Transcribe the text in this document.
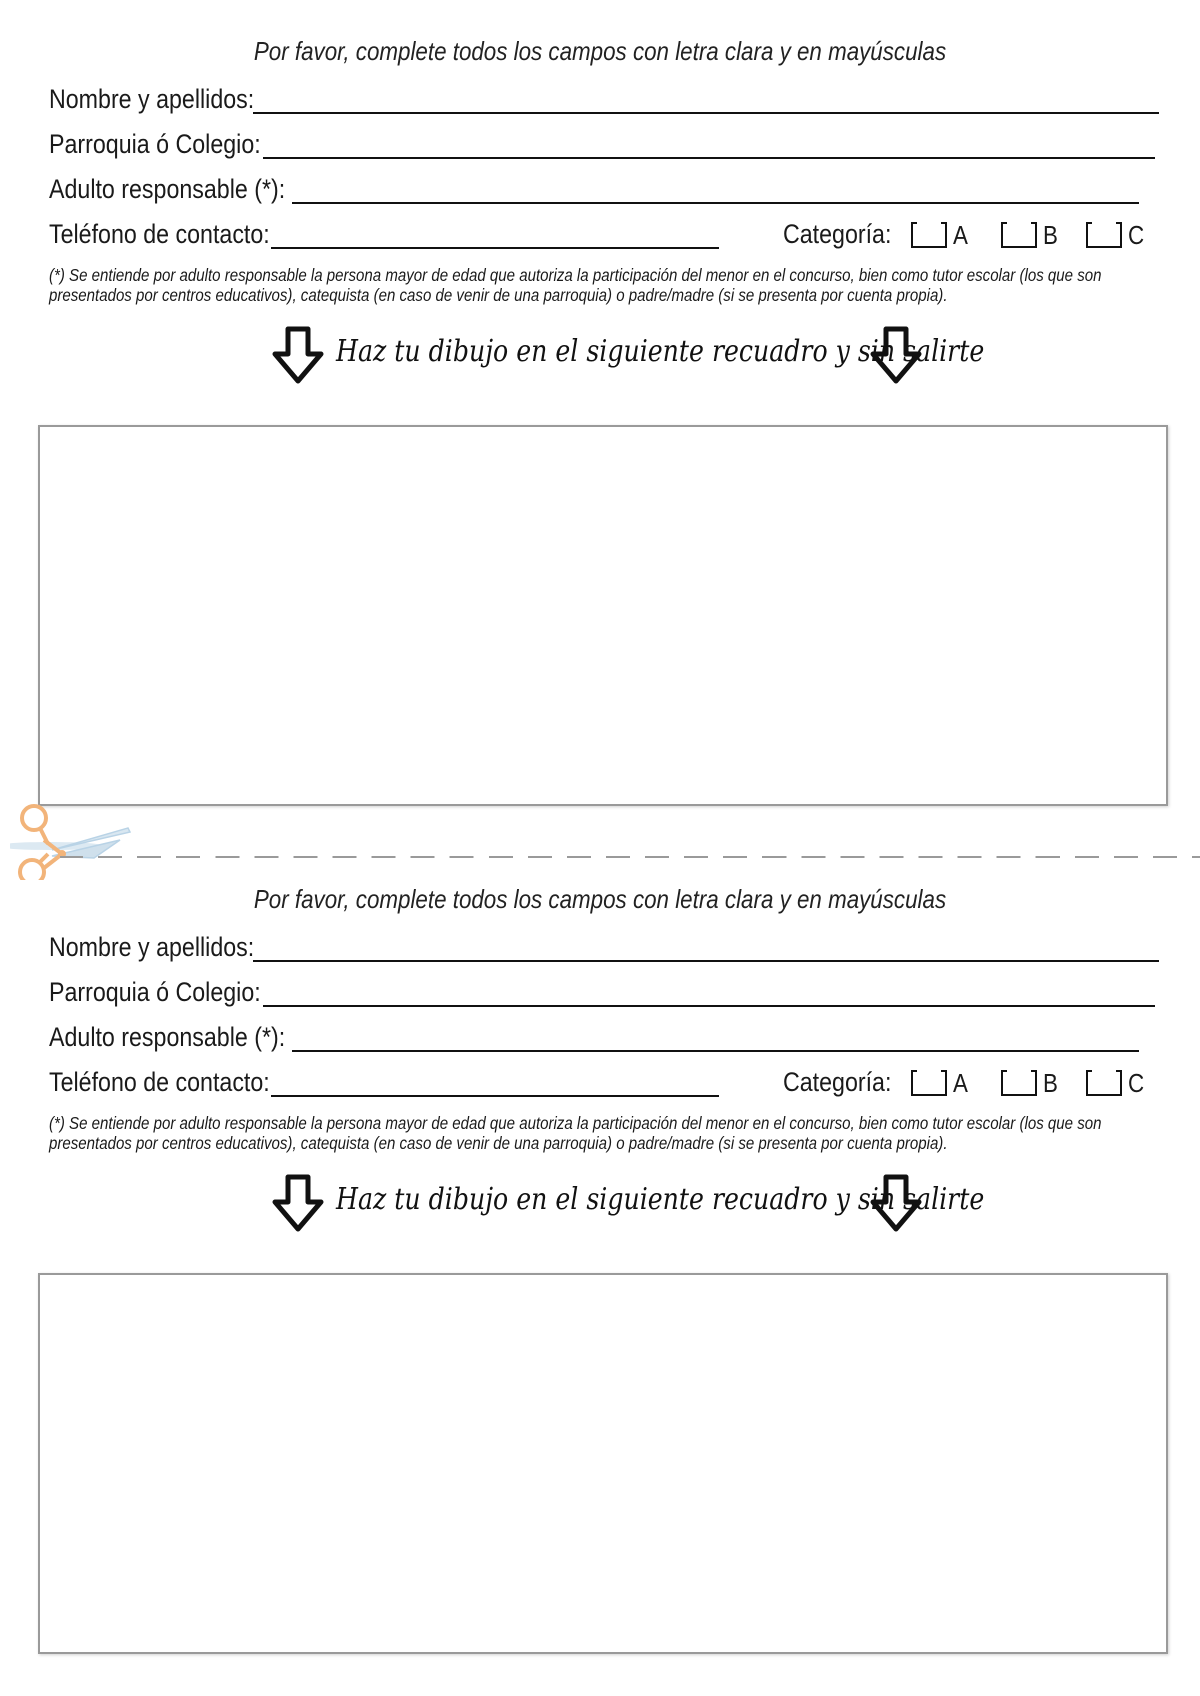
Por favor, complete todos los campos con letra clara y en mayúsculas
Nombre y apellidos:
Parroquia ó Colegio:
Adulto responsable (*):
Teléfono de contacto:	Categoría: A	B	C
(*) Se entiende por adulto responsable la persona mayor de edad que autoriza la participación del menor en el concurso, bien como tutor escolar (los que son presentados por centros educativos), catequista (en caso de venir de una parroquia) o padre/madre (si se presenta por cuenta propia).
Haz tu dibujo en el siguiente recuadro y sin salirte
Por favor, complete todos los campos con letra clara y en mayúsculas
Nombre y apellidos:
Parroquia ó Colegio:
Adulto responsable (*):
Teléfono de contacto:	Categoría: A	B	C
(*) Se entiende por adulto responsable la persona mayor de edad que autoriza la participación del menor en el concurso, bien como tutor escolar (los que son presentados por centros educativos), catequista (en caso de venir de una parroquia) o padre/madre (si se presenta por cuenta propia).
Haz tu dibujo en el siguiente recuadro y sin salirte
